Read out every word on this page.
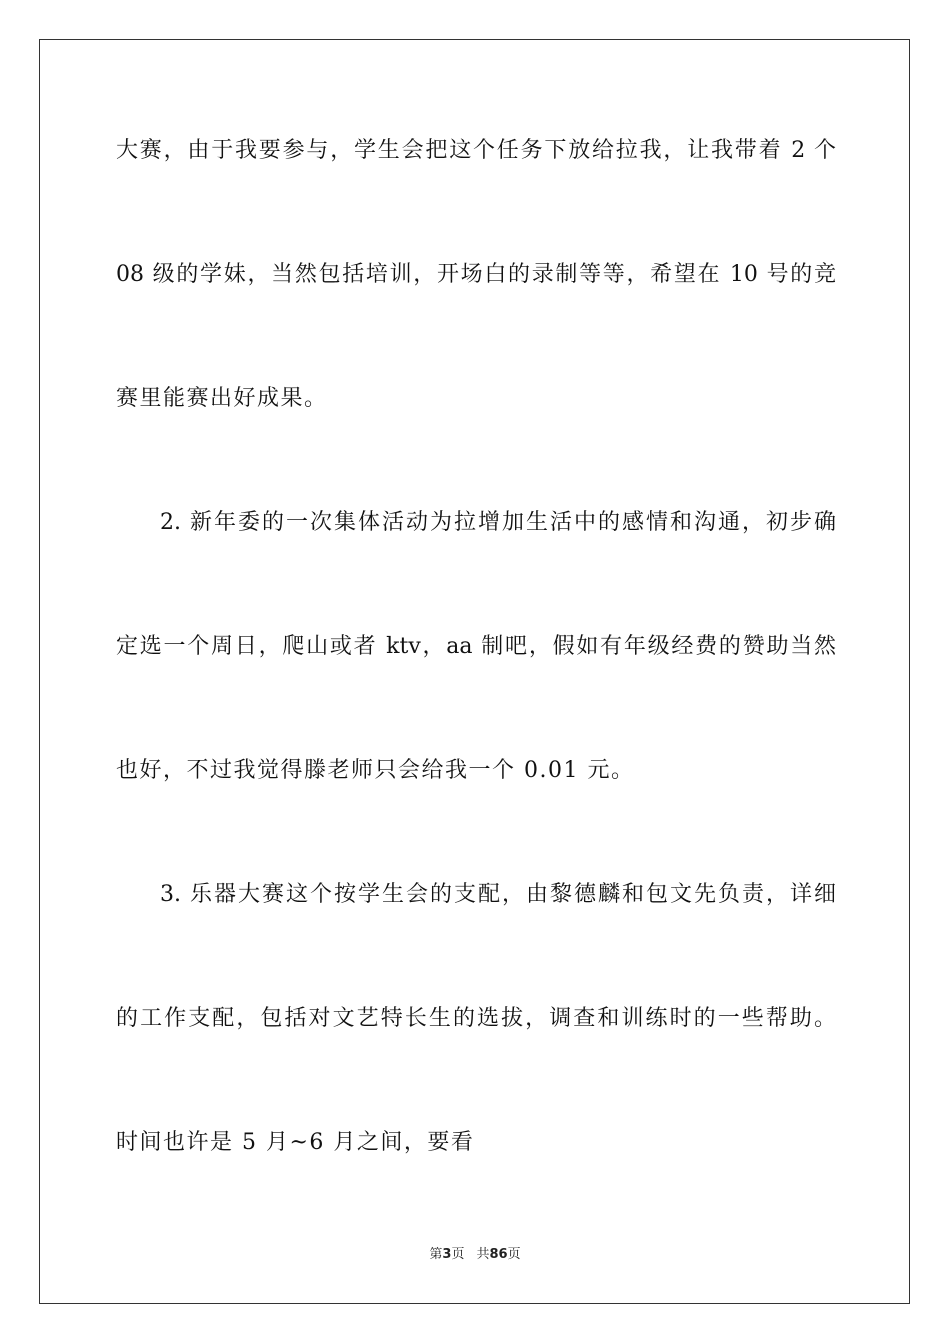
大赛，由于我要参与，学生会把这个任务下放给拉我，让我带着 2 个
08 级的学妹，当然包括培训，开场白的录制等等，希望在 10 号的竞
赛里能赛出好成果。
2. 新年委的一次集体活动为拉增加生活中的感情和沟通，初步确
定选一个周日，爬山或者 ktv，aa 制吧，假如有年级经费的赞助当然
也好，不过我觉得滕老师只会给我一个 0.01 元。
3. 乐器大赛这个按学生会的支配，由黎德麟和包文先负责，详细
的工作支配，包括对文艺特长生的选拔，调查和训练时的一些帮助。
时间也许是 5 月~6 月之间，要看
第3页 共86页
